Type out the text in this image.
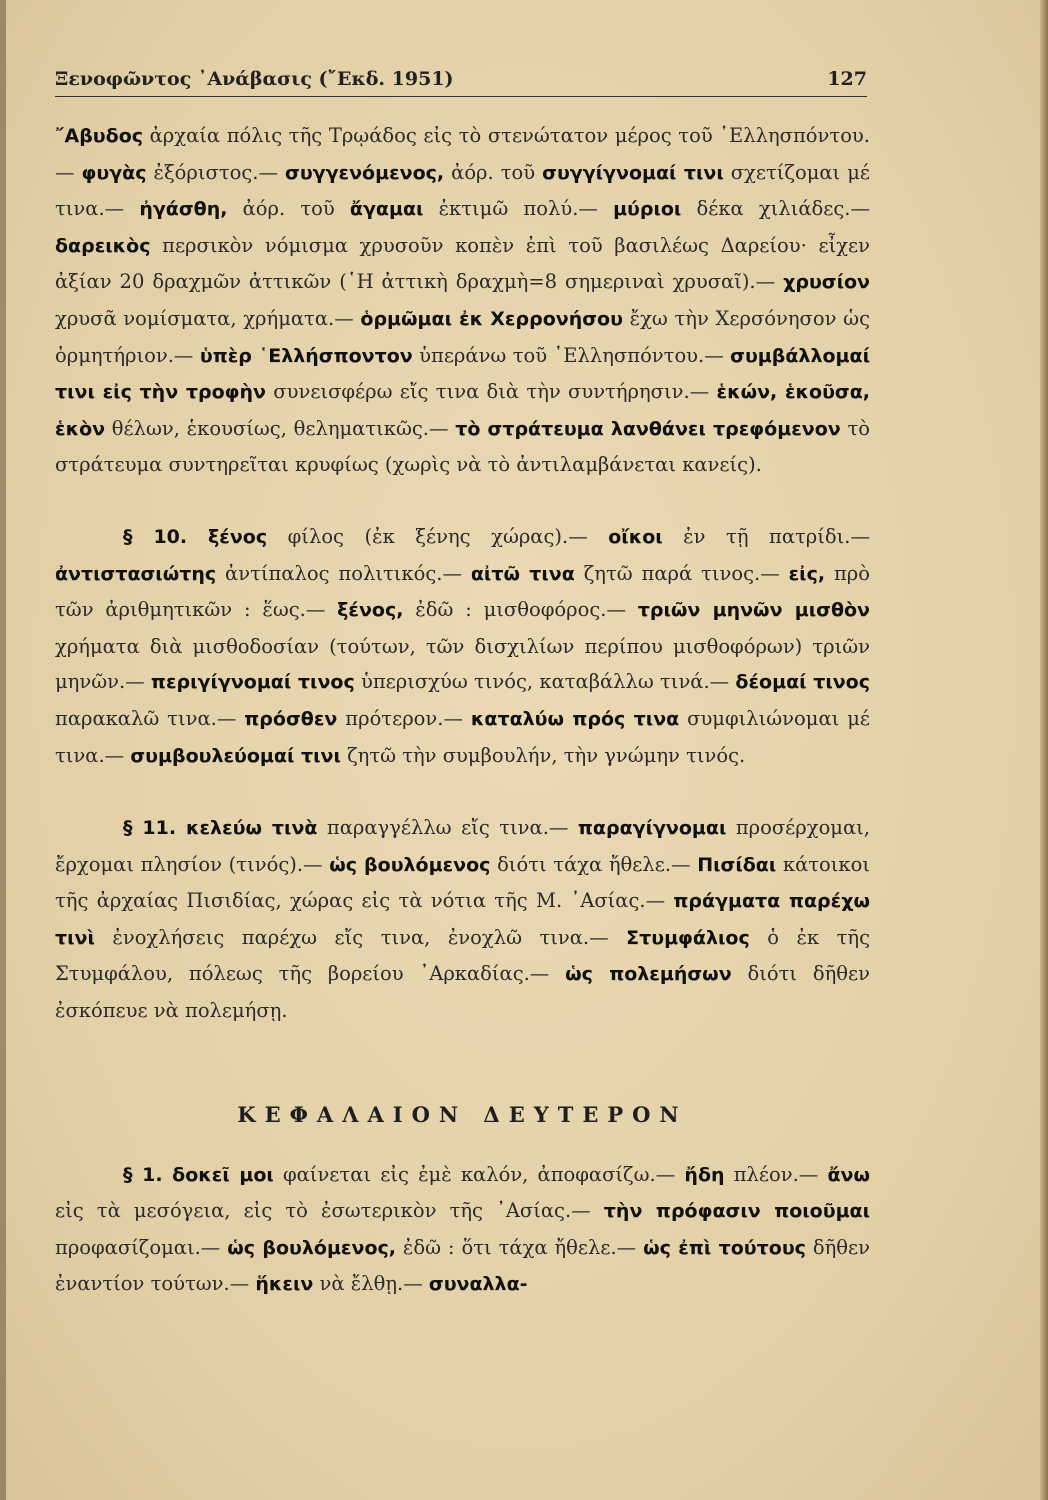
Ξενοφῶντος ᾿Ανάβασις (῎Εκδ. 1951)	127

῎Αβυδος ἀρχαία πόλις τῆς Τρῳάδος εἰς τὸ στενώτατον μέρος τοῦ ῾Ελλησπόντου.— φυγὰς ἐξόριστος.— συγγενόμενος, ἀόρ. τοῦ συγγίγνομαί τινι σχετίζομαι μέ τινα.— ἠγάσθη, ἀόρ. τοῦ ἄγαμαι ἐκτιμῶ πολύ.— μύριοι δέκα χιλιάδες.— δαρεικὸς περσικὸν νόμισμα χρυσοῦν κοπὲν ἐπὶ τοῦ βασιλέως Δαρείου· εἶχεν ἀξίαν 20 δραχμῶν ἀττικῶν (῾Η ἀττικὴ δραχμὴ=8 σημεριναὶ χρυσαῖ).— χρυσίον χρυσᾶ νομίσματα, χρήματα.— ὁρμῶμαι ἐκ Χερρονήσου ἔχω τὴν Χερσόνησον ὡς ὁρμητήριον.— ὑπὲρ ῾Ελλήσποντον ὑπεράνω τοῦ ῾Ελλησπόντου.— συμβάλλομαί τινι εἰς τὴν τροφὴν συνεισφέρω εἴς τινα διὰ τὴν συντήρησιν.— ἑκών, ἑκοῦσα, ἑκὸν θέλων, ἑκουσίως, θεληματικῶς.— τὸ στράτευμα λανθάνει τρεφόμενον τὸ στράτευμα συντηρεῖται κρυφίως (χωρὶς νὰ τὸ ἀντιλαμβάνεται κανείς).

§ 10. ξένος φίλος (ἐκ ξένης χώρας).— οἴκοι ἐν τῇ πατρίδι.— ἀντιστασιώτης ἀντίπαλος πολιτικός.— αἰτῶ τινα ζητῶ παρά τινος.— εἰς, πρὸ τῶν ἀριθμητικῶν : ἕως.— ξένος, ἐδῶ : μισθοφόρος.— τριῶν μηνῶν μισθὸν χρήματα διὰ μισθοδοσίαν (τούτων, τῶν δισχιλίων περίπου μισθοφόρων) τριῶν μηνῶν.— περιγίγνομαί τινος ὑπερισχύω τινός, καταβάλλω τινά.— δέομαί τινος παρακαλῶ τινα.— πρόσθεν πρότερον.— καταλύω πρός τινα συμφιλιώνομαι μέ τινα.— συμβουλεύομαί τινι ζητῶ τὴν συμβουλήν, τὴν γνώμην τινός.

§ 11. κελεύω τινὰ παραγγέλλω εἴς τινα.— παραγίγνομαι προσέρχομαι, ἔρχομαι πλησίον (τινός).— ὡς βουλόμενος διότι τάχα ἤθελε.— Πισίδαι κάτοικοι τῆς ἀρχαίας Πισιδίας, χώρας εἰς τὰ νότια τῆς Μ. ᾿Ασίας.— πράγματα παρέχω τινὶ ἐνοχλήσεις παρέχω εἴς τινα, ἐνοχλῶ τινα.— Στυμφάλιος ὁ ἐκ τῆς Στυμφάλου, πόλεως τῆς βορείου ᾿Αρκαδίας.— ὡς πολεμήσων διότι δῆθεν ἐσκόπευε νὰ πολεμήσῃ.

ΚΕΦΑΛΑΙΟΝ ΔΕΥΤΕΡΟΝ

§ 1. δοκεῖ μοι φαίνεται εἰς ἐμὲ καλόν, ἀποφασίζω.— ἤδη πλέον.— ἄνω εἰς τὰ μεσόγεια, εἰς τὸ ἐσωτερικὸν τῆς ᾿Ασίας.— τὴν πρόφασιν ποιοῦμαι προφασίζομαι.— ὡς βουλόμενος, ἐδῶ : ὅτι τάχα ἤθελε.— ὡς ἐπὶ τούτους δῆθεν ἐναντίον τούτων.— ἥκειν νὰ ἔλθῃ.— συναλλα-
